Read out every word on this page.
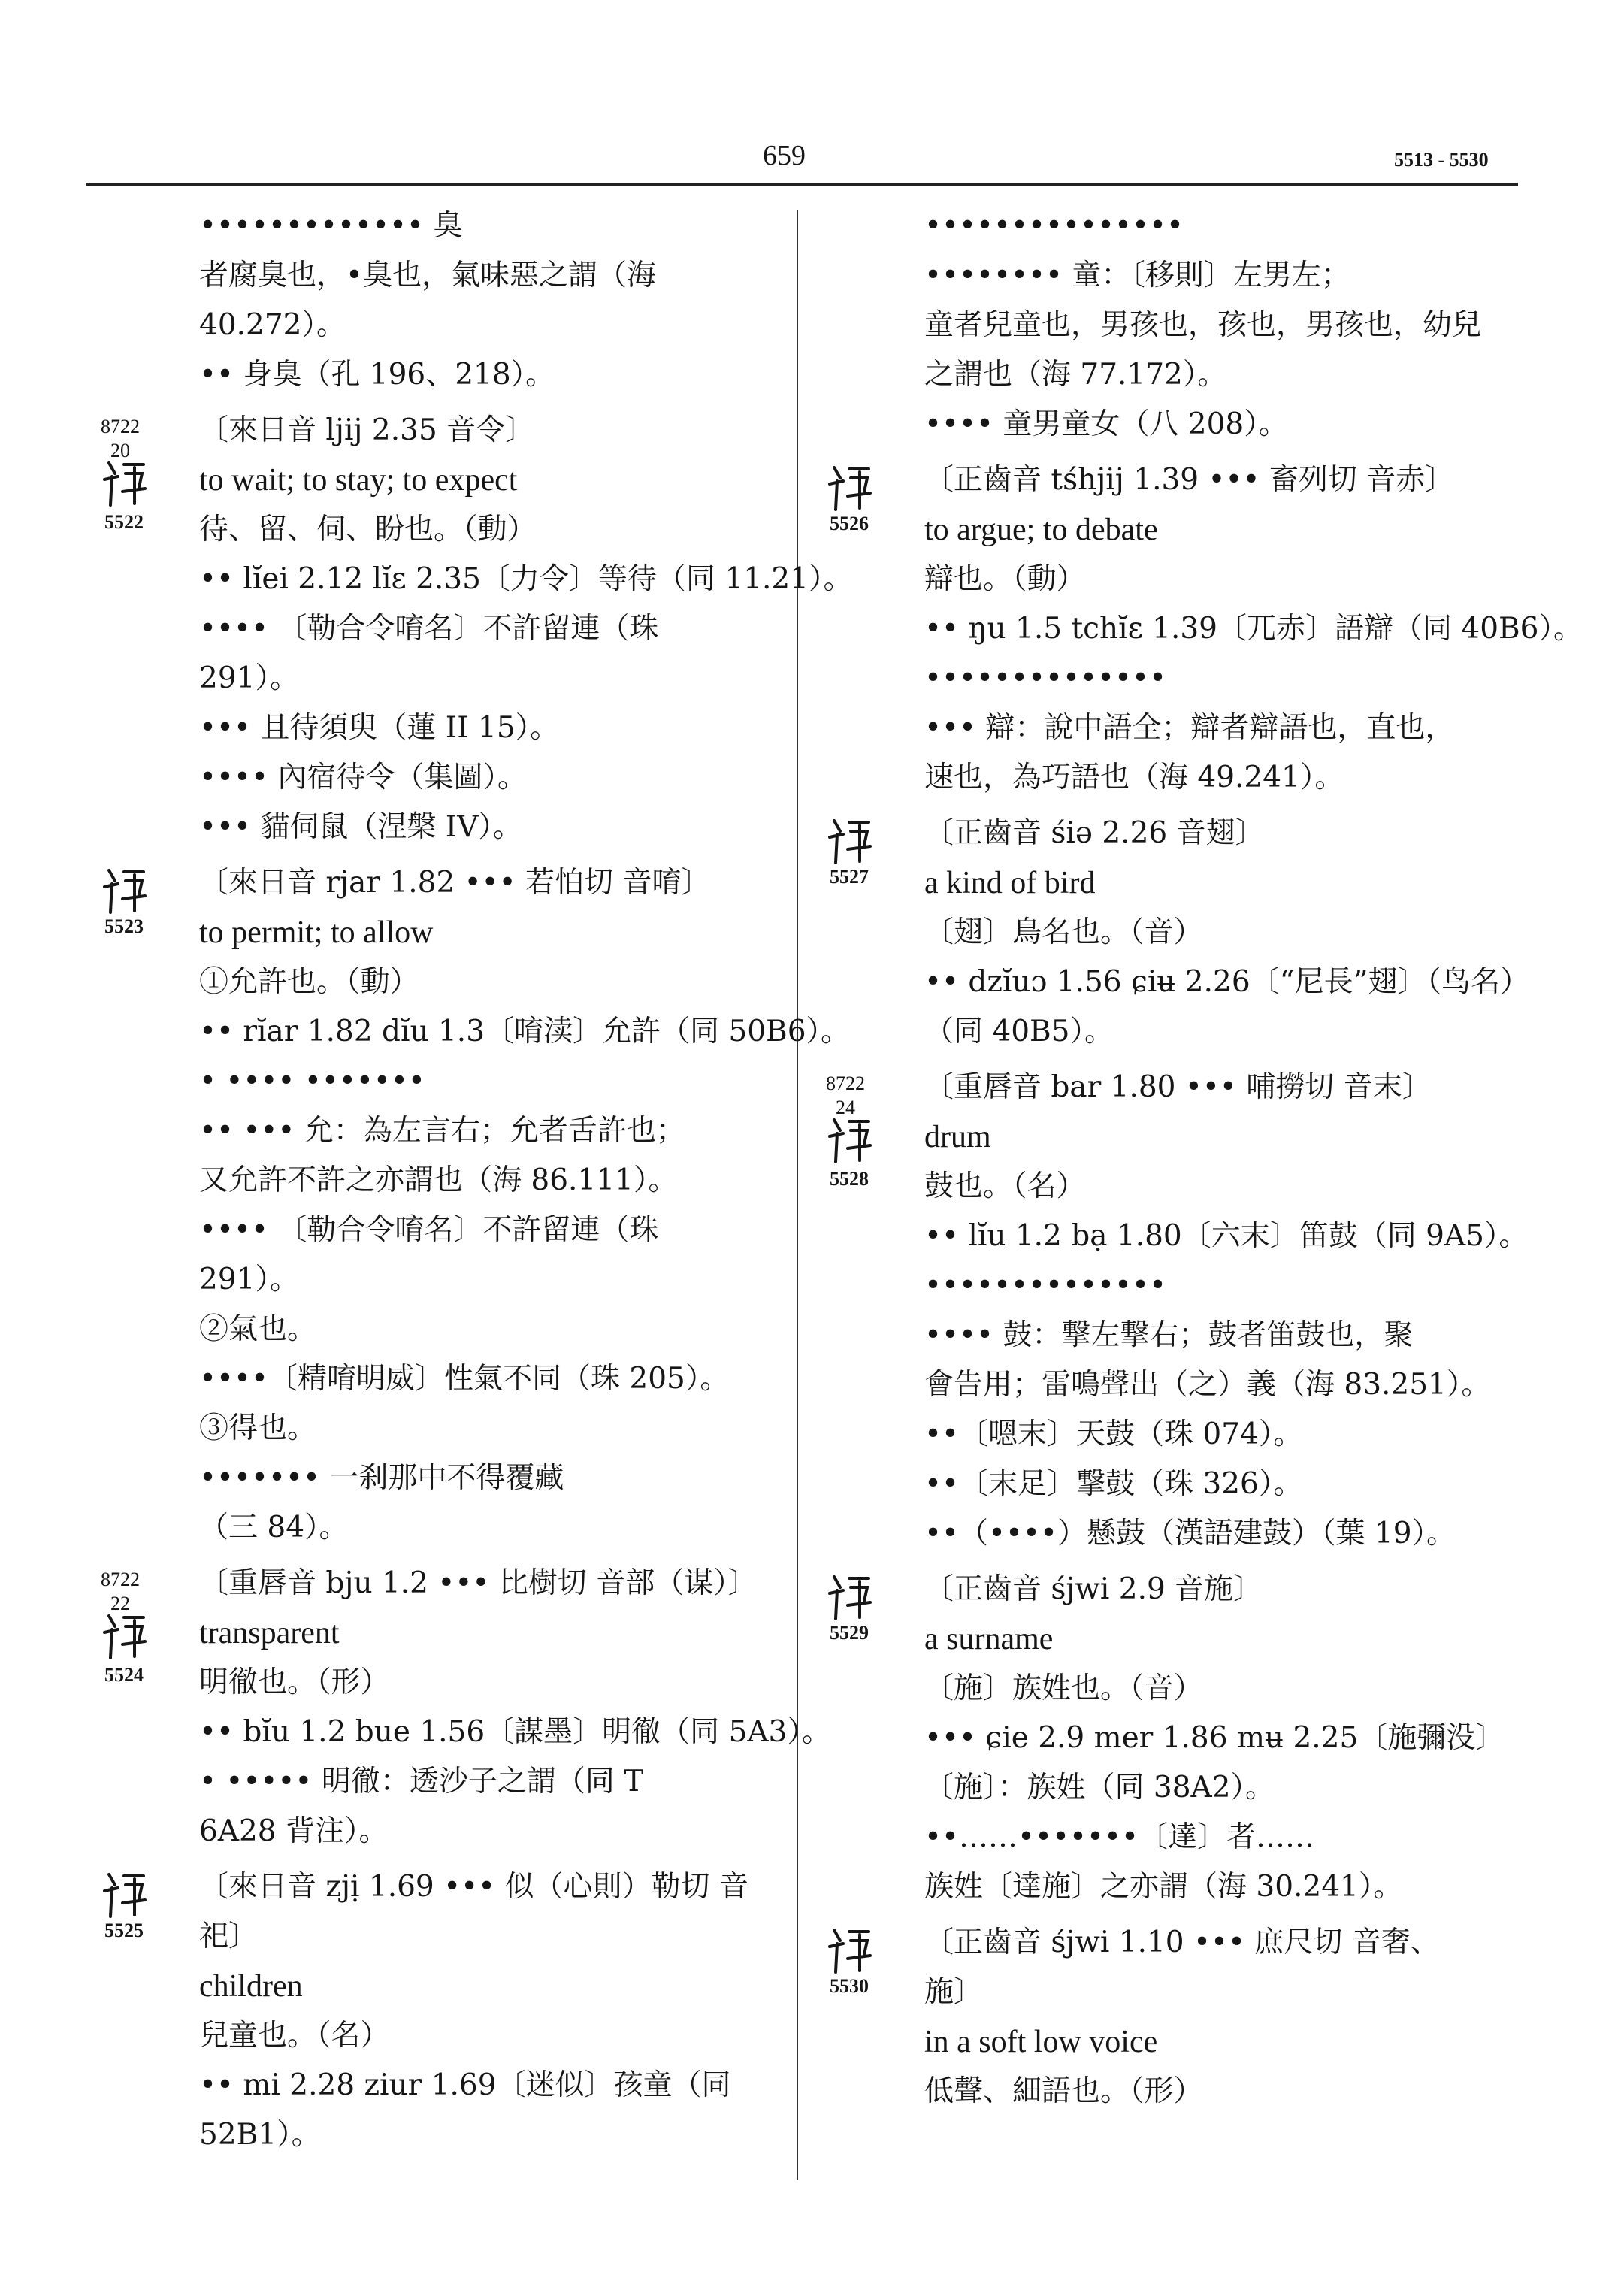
659	5513 - 5530
••••••••••••• 臭
者腐臭也，•臭也，氣味惡之謂（海
40.272）。
•• 身臭（孔 196、218）。
8722
20
5522
〔來日音 ljij 2.35 音令〕
to wait; to stay; to expect
待、留、伺、盼也。（動）
•• lĭei 2.12 lĭɛ 2.35〔力令〕等待（同 11.21）。
•••• 〔勒合令唷名〕不許留連（珠
291）。
••• 且待須臾（蓮 II 15）。
•••• 內宿待令（集圖）。
••• 貓伺鼠（涅槃 IV）。
5523
〔來日音 rjar 1.82 ••• 若怕切 音唷〕
to permit; to allow
①允許也。（動）
•• rĭar 1.82 dĭu 1.3〔唷渎〕允許（同 50B6）。
• •••• •••••••
•• ••• 允：為左言右；允者舌許也；
又允許不許之亦謂也（海 86.111）。
•••• 〔勒合令唷名〕不許留連（珠
291）。
②氣也。
••••〔精唷明威〕性氣不同（珠 205）。
③得也。
••••••• 一刹那中不得覆藏
（三 84）。
8722
22
5524
〔重唇音 bju 1.2 ••• 比樹切 音部（谋）〕
transparent
明徹也。（形）
•• bĭu 1.2 bue 1.56〔謀墨〕明徹（同 5A3）。
• ••••• 明徹：透沙子之謂（同 T
6A28 背注）。
5525
〔來日音 zjị 1.69 ••• 似（心則）勒切 音
祀〕
children
兒童也。（名）
•• mi 2.28 ziur 1.69〔迷似〕孩童（同
52B1）。
•••••••••••••••
•••••••• 童：〔移則〕左男左；
童者兒童也，男孩也，孩也，男孩也，幼兒
之謂也（海 77.172）。
•••• 童男童女（八 208）。
5526
〔正齒音 tśhjij 1.39 ••• 畜列切 音赤〕
to argue; to debate
辯也。（動）
•• ŋu 1.5 tchĭɛ 1.39〔兀赤〕語辯（同 40B6）。
••••••••••••••
••• 辯：說中語全；辯者辯語也，直也，
速也，為巧語也（海 49.241）。
5527
〔正齒音 śiə 2.26 音翅〕
a kind of bird
〔翅〕鳥名也。（音）
•• dzĭuɔ 1.56 ɕiʉ 2.26〔“尼長”翅〕（鸟名）
（同 40B5）。
8722
24
5528
〔重唇音 bar 1.80 ••• 哺撈切 音末〕
drum
鼓也。（名）
•• lĭu 1.2 bạ 1.80〔六末〕笛鼓（同 9A5）。
••••••••••••••
•••• 鼓：撃左撃右；鼓者笛鼓也，聚
會告用；雷鳴聲出（之）義（海 83.251）。
••〔嗯末〕天鼓（珠 074）。
••〔末足〕撃鼓（珠 326）。
••（••••）懸鼓（漢語建鼓）（葉 19）。
5529
〔正齒音 śjwi 2.9 音施〕
a surname
〔施〕族姓也。（音）
••• ɕie 2.9 mer 1.86 mʉ 2.25〔施彌没〕
〔施〕：族姓（同 38A2）。
••……•••••••〔達〕者……
族姓〔達施〕之亦謂（海 30.241）。
5530
〔正齒音 śjwi 1.10 ••• 庶尺切 音奢、
施〕
in a soft low voice
低聲、細語也。（形）
